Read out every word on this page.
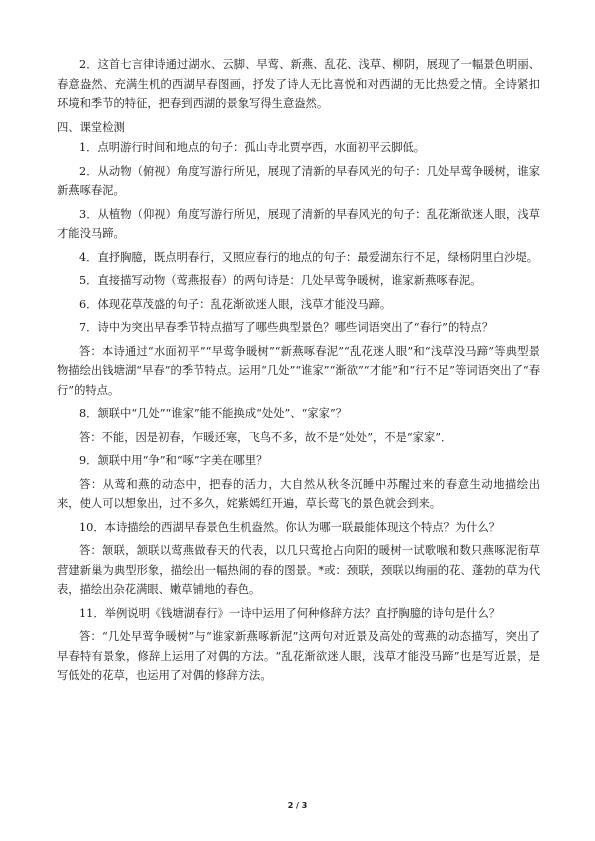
2．这首七言律诗通过湖水、云脚、早莺、新燕、乱花、浅草、柳阴，展现了一幅景色明丽、春意盎然、充满生机的西湖早春图画，抒发了诗人无比喜悦和对西湖的无比热爱之情。全诗紧扣环境和季节的特征，把春到西湖的景象写得生意盎然。

四、课堂检测

1．点明游行时间和地点的句子：孤山寺北贾亭西，水面初平云脚低。

2．从动物（俯视）角度写游行所见，展现了清新的早春风光的句子：几处早莺争暖树，谁家新燕啄春泥。

3．从植物（仰视）角度写游行所见，展现了清新的早春风光的句子：乱花渐欲迷人眼，浅草才能没马蹄。

4．直抒胸臆，既点明春行，又照应春行的地点的句子：最爱湖东行不足，绿杨阴里白沙堤。

5．直接描写动物（莺燕报春）的两句诗是：几处早莺争暖树，谁家新燕啄春泥。

6．体现花草茂盛的句子：乱花渐欲迷人眼，浅草才能没马蹄。

7．诗中为突出早春季节特点描写了哪些典型景色？哪些词语突出了“春行”的特点？

答：本诗通过“水面初平”“早莺争暖树”“新燕啄春泥”“乱花迷人眼”和“浅草没马蹄”等典型景物描绘出钱塘湖“早春”的季节特点。运用“几处”“谁家”“渐欲”“才能”和“行不足”等词语突出了“春行”的特点。

8．颔联中“几处”“谁家”能不能换成“处处”、“家家”？

答：不能，因是初春，乍暖还寒，飞鸟不多，故不是“处处”，不是“家家”．

9．颔联中用“争”和“啄”字美在哪里？

答：从莺和燕的动态中，把春的活力，大自然从秋冬沉睡中苏醒过来的春意生动地描绘出来，使人可以想象出，过不多久，姹紫嫣红开遍，草长莺飞的景色就会到来。

10．本诗描绘的西湖早春景色生机盎然。你认为哪一联最能体现这个特点？为什么？

答：颔联，颔联以莺燕做春天的代表，以几只莺抢占向阳的暖树一试歌喉和数只燕啄泥衔草营建新巢为典型形象，描绘出一幅热闹的春的图景。*或：颈联，颈联以绚丽的花、蓬勃的草为代表，描绘出杂花满眼、嫩草铺地的春色。

11．举例说明《钱塘湖春行》一诗中运用了何种修辞方法？直抒胸臆的诗句是什么？

答：“几处早莺争暖树”与“谁家新燕啄新泥”这两句对近景及高处的莺燕的动态描写，突出了早春特有景象，修辞上运用了对偶的方法。“乱花渐欲迷人眼，浅草才能没马蹄”也是写近景，是写低处的花草，也运用了对偶的修辞方法。

2 / 3
